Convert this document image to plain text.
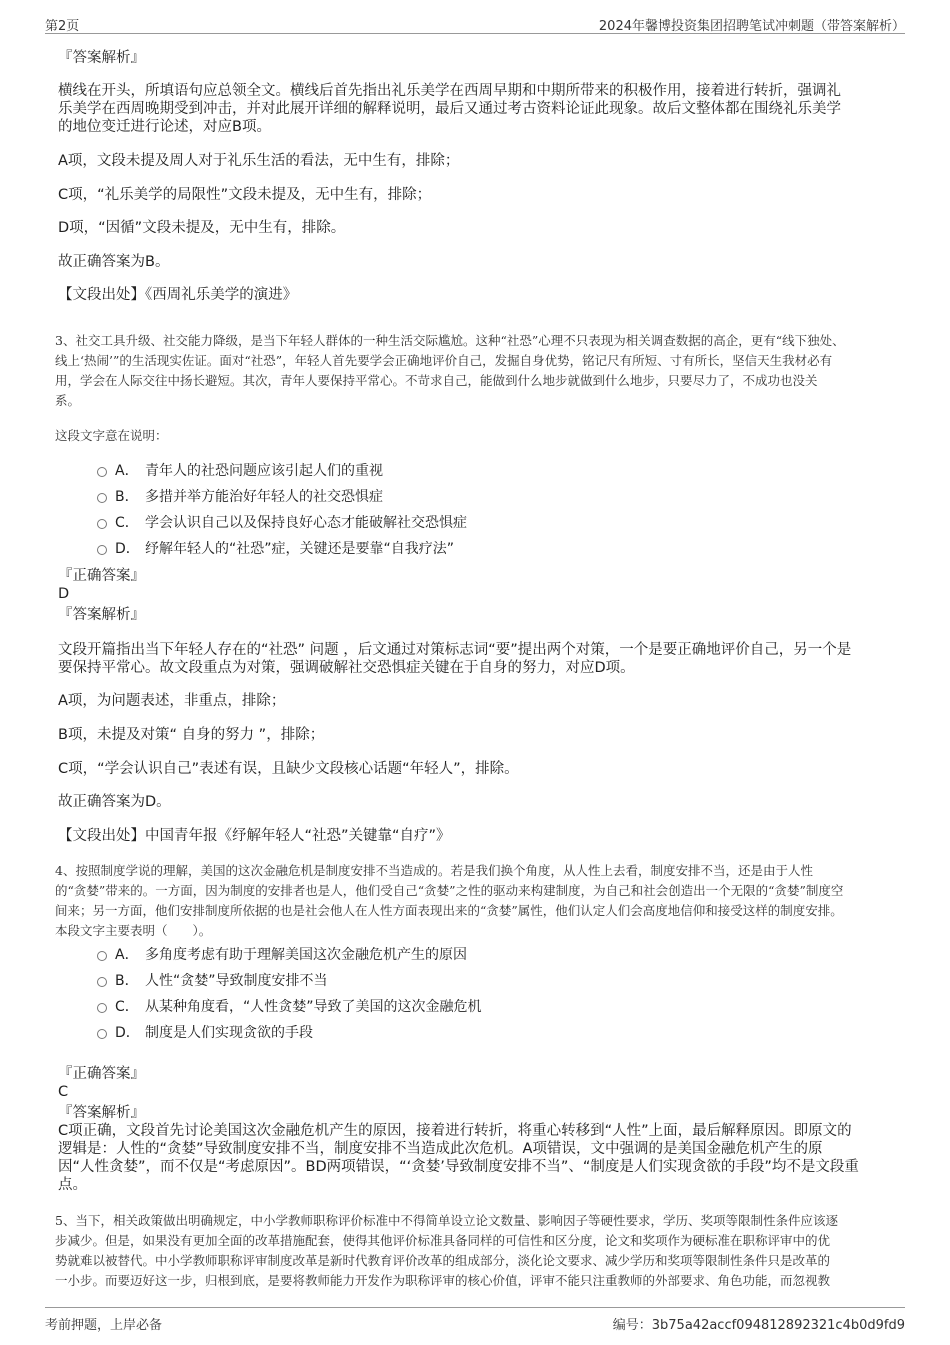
第2页	2024年馨博投资集团招聘笔试冲刺题（带答案解析）
『答案解析』
横线在开头，所填语句应总领全文。横线后首先指出礼乐美学在西周早期和中期所带来的积极作用，接着进行转折，强调礼
乐美学在西周晚期受到冲击，并对此展开详细的解释说明，最后又通过考古资料论证此现象。故后文整体都在围绕礼乐美学
的地位变迁进行论述，对应B项。
A项，文段未提及周人对于礼乐生活的看法，无中生有，排除；
C项，“礼乐美学的局限性”文段未提及，无中生有，排除；
D项，“因循”文段未提及，无中生有，排除。
故正确答案为B。
【文段出处】《西周礼乐美学的演进》
3、社交工具升级、社交能力降级，是当下年轻人群体的一种生活交际尴尬。这种“社恐”心理不只表现为相关调查数据的高企，更有“线下独处、
线上‘热闹’”的生活现实佐证。面对“社恐”，年轻人首先要学会正确地评价自己，发掘自身优势，铭记尺有所短、寸有所长，坚信天生我材必有
用，学会在人际交往中扬长避短。其次，青年人要保持平常心。不苛求自己，能做到什么地步就做到什么地步，只要尽力了，不成功也没关
系。
这段文字意在说明：
A． 青年人的社恐问题应该引起人们的重视
B． 多措并举方能治好年轻人的社交恐惧症
C． 学会认识自己以及保持良好心态才能破解社交恐惧症
D． 纾解年轻人的“社恐”症，关键还是要靠“自我疗法”
『正确答案』
D
『答案解析』
文段开篇指出当下年轻人存在的“社恐” 问题 ，后文通过对策标志词“要”提出两个对策，一个是要正确地评价自己，另一个是
要保持平常心。故文段重点为对策，强调破解社交恐惧症关键在于自身的努力，对应D项。
A项，为问题表述，非重点，排除；
B项，未提及对策“ 自身的努力 ”，排除；
C项，“学会认识自己”表述有误，且缺少文段核心话题“年轻人”，排除。
故正确答案为D。
【文段出处】中国青年报《纾解年轻人“社恐”关键靠“自疗”》
4、按照制度学说的理解，美国的这次金融危机是制度安排不当造成的。若是我们换个角度，从人性上去看，制度安排不当，还是由于人性
的“贪婪”带来的。一方面，因为制度的安排者也是人，他们受自己“贪婪”之性的驱动来构建制度，为自己和社会创造出一个无限的“贪婪”制度空
间来；另一方面，他们安排制度所依据的也是社会他人在人性方面表现出来的“贪婪”属性，他们认定人们会高度地信仰和接受这样的制度安排。
本段文字主要表明（　　）。
A． 多角度考虑有助于理解美国这次金融危机产生的原因
B． 人性“贪婪”导致制度安排不当
C． 从某种角度看，“人性贪婪”导致了美国的这次金融危机
D． 制度是人们实现贪欲的手段
『正确答案』
C
『答案解析』
C项正确，文段首先讨论美国这次金融危机产生的原因，接着进行转折，将重心转移到“人性”上面，最后解释原因。即原文的
逻辑是：人性的“贪婪”导致制度安排不当，制度安排不当造成此次危机。A项错误，文中强调的是美国金融危机产生的原
因“人性贪婪”，而不仅是“考虑原因”。BD两项错误，“‘贪婪’导致制度安排不当”、“制度是人们实现贪欲的手段”均不是文段重
点。
5、当下，相关政策做出明确规定，中小学教师职称评价标准中不得简单设立论文数量、影响因子等硬性要求，学历、奖项等限制性条件应该逐
步减少。但是，如果没有更加全面的改革措施配套，使得其他评价标准具备同样的可信性和区分度，论文和奖项作为硬标准在职称评审中的优
势就难以被替代。中小学教师职称评审制度改革是新时代教育评价改革的组成部分，淡化论文要求、减少学历和奖项等限制性条件只是改革的
一小步。而要迈好这一步，归根到底，是要将教师能力开发作为职称评审的核心价值，评审不能只注重教师的外部要求、角色功能，而忽视教
考前押题，上岸必备	编号：3b75a42accf094812892321c4b0d9fd9
